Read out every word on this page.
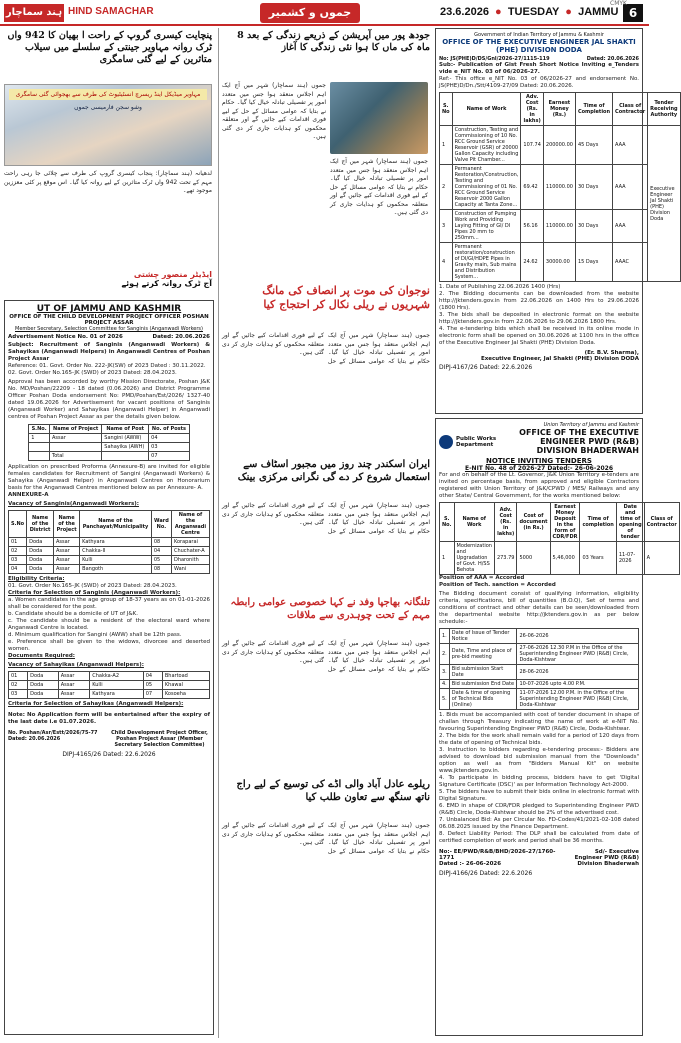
ہند سماچار HIND SAMACHAR	جموں و کشمیر	23.6.2026  ●  TUESDAY  ●  JAMMU 6
CMYK
پنچایت کیسری گروپ کے راحت ا بھیان کا 942 واں ٹرک روانہ مہاویر جینتی کے سلسلے میں سیلاب متاثرین کے لیے گئی سامگری
مہاویر میڈیکل اینڈ ریسرچ انسٹیٹیوٹ کی طرف سے بھجوائی گئی سامگری
وشو سجن فارمیسی جموں
لدھیانہ (ہند سماچار): پنجاب کیسری گروپ کی طرف سے چلائی جا رہی راحت مہم کے تحت 942 واں ٹرک متاثرین کے لیے روانہ کیا گیا۔ اس موقع پر کئی معززین موجود تھے۔
ایڈیٹر منصور چشتی
آج ٹرک روانہ کرتے ہوئے
UT OF JAMMU AND KASHMIR
OFFICE OF THE CHILD DEVELOPMENT PROJECT OFFICER POSHAN PROJECT ASSAR
Member Secretary, Selection Committee for Sanginis (Anganwadi Workers)
Advertisement Notice No. 01 of 2026	Dated: 20.06.2026
Subject: Recruitment of Sanginis (Anganwadi Workers) & Sahayikas (Anganwadi Helpers) in Anganwadi Centres of Poshan Project Assar
Reference: 01. Govt. Order No. 222-JK(SW) of 2023 Dated : 30.11.2022.
02. Govt. Order No.165-JK (SWD) of 2023 Dated: 28.04.2023.
Approval has been accorded by worthy Mission Directorate, Poshan J&K No. MD/Poshan/22209 - 18 dated (0.06.2026) and District Programme Officer Poshan Doda endorsement No: PMD/Poshan/Est/2026/ 1327-40 dated 19.06.2026 for Advertisement for vacant positions of Sanginis (Anganwadi Worker) and Sahayikas (Anganwadi Helper) in Anganwadi centres of Poshan Project Assar as per the details given below.
S.No.	Name of Project	Name of Post	No. of Posts
1	Assar	Sangini (AWW)	04
		Sahayika (AWH)	03
	Total		07
Application on prescribed Proforma (Annexure-B) are invited for eligible females candidates for Recruitment of Sangini (Anganwadi Workers) & Sahayika (Anganwadi Helper) in Anganwadi Centres on Honorarium basis for the Anganwadi Centres mentioned below as per Annexure- A.
ANNEXURE-A
Vacancy of Sanginis(Anganwadi Workers):
S.No	Name of the District	Name of the Project	Name of the Panchayat/Municipality	Ward No.	Name of the Anganwadi Centre
01	Doda	Assar	Kathyara	08	Koraparai
02	Doda	Assar	Chakka-II	04	Chuchater-A
03	Doda	Assar	Kulli	05	Dharonith
04	Doda	Assar	Bangoth	08	Wani
Eligibility Criteria:
01. Govt. Order No.165-JK (SWD) of 2023 Dated: 28.04.2023.
Criteria for Selection of Sanginis (Anganwadi Workers):
a. Women candidates in the age group of 18-37 years as on 01-01-2026 shall be considered for the post.
b. Candidate should be a domicile of UT of J&K.
c. The candidate should be a resident of the electoral ward where Anganwadi Centre is located.
d. Minimum qualification for Sangini (AWW) shall be 12th pass.
e. Preference shall be given to the widows, divorcee and deserted women.
Documents Required:
Vacancy of Sahayikas (Anganwadi Helpers):
01	Doda	Assar	Chakka-A2	04	Bhartoad
02	Doda	Assar	Kulli	05	Khawal
03	Doda	Assar	Kathyara	07	Kosoeha
Criteria for Selection of Sahayikas (Anganwadi Helpers):
Note: No Application form will be entertained after the expiry of the last date i.e 01.07.2026.
No. Poshan/Asr/Estt/2026/75-77
Dated: 20.06.2026
Child Development Project Officer, Poshan Project Assar (Member Secretary Selection Committee)
DIPJ-4165/26 Dated: 22.6.2026
جودھ پور میں آپریشن کے ذریعے زندگی کے بعد 8 ماہ کی ماں کا ہوا نئی زندگی کا آغاز
جموں (ہند سماچار) شہر میں آج ایک اہم اجلاس منعقد ہوا جس میں متعدد امور پر تفصیلی تبادلہ خیال کیا گیا۔ حکام نے بتایا کہ عوامی مسائل کے حل کے لیے فوری اقدامات کیے جائیں گے اور متعلقہ محکموں کو ہدایات جاری کر دی گئی ہیں۔
جموں (ہند سماچار) شہر میں آج ایک اہم اجلاس منعقد ہوا جس میں متعدد امور پر تفصیلی تبادلہ خیال کیا گیا۔ حکام نے بتایا کہ عوامی مسائل کے حل کے لیے فوری اقدامات کیے جائیں گے اور متعلقہ محکموں کو ہدایات جاری کر دی گئی ہیں۔
نوجوان کی موت پر انصاف کی مانگ شہریوں نے ریلی نکال کر احتجاج کیا
جموں (ہند سماچار) شہر میں آج ایک اہم اجلاس منعقد ہوا جس میں متعدد امور پر تفصیلی تبادلہ خیال کیا گیا۔ حکام نے بتایا کہ عوامی مسائل کے حل کے لیے فوری اقدامات کیے جائیں گے اور متعلقہ محکموں کو ہدایات جاری کر دی گئی ہیں۔
ایران اسکندر چند روز میں مجبور اسٹاف سے استعمال شروع کر دے گی نگرانی مرکزی بینک
جموں (ہند سماچار) شہر میں آج ایک اہم اجلاس منعقد ہوا جس میں متعدد امور پر تفصیلی تبادلہ خیال کیا گیا۔ حکام نے بتایا کہ عوامی مسائل کے حل کے لیے فوری اقدامات کیے جائیں گے اور متعلقہ محکموں کو ہدایات جاری کر دی گئی ہیں۔
تلنگانہ بھاجپا وفد نے کہا خصوصی عوامی رابطہ مہم کے تحت چوہدری سے ملاقات
جموں (ہند سماچار) شہر میں آج ایک اہم اجلاس منعقد ہوا جس میں متعدد امور پر تفصیلی تبادلہ خیال کیا گیا۔ حکام نے بتایا کہ عوامی مسائل کے حل کے لیے فوری اقدامات کیے جائیں گے اور متعلقہ محکموں کو ہدایات جاری کر دی گئی ہیں۔
ریلوے عادل آباد والی اڈے کی توسیع کے لیے راج ناتھ سنگھ سے تعاون طلب کیا
جموں (ہند سماچار) شہر میں آج ایک اہم اجلاس منعقد ہوا جس میں متعدد امور پر تفصیلی تبادلہ خیال کیا گیا۔ حکام نے بتایا کہ عوامی مسائل کے حل کے لیے فوری اقدامات کیے جائیں گے اور متعلقہ محکموں کو ہدایات جاری کر دی گئی ہیں۔
Government of Indian Territory of Jammu & Kashmir
OFFICE OF THE EXECUTIVE ENGINEER JAL SHAKTI (PHE) DIVISION DODA
No: JS(PHE)D/DS/Gnl/2026-27/1115-119	Dated: 20.06.2026
Sub:- Publication of Gist Fresh Short Notice Inviting e_Tenders vide e_NIT No. 03 of 06/2026-27.
Ref:- This office e_NIT No. 03 of 06/2026-27 and endorsement No. JS(PHE)D/Dn./Stt/4109-27/09 Dated: 20.06.2026.
S. No	Name of Work	Adv. Cost (Rs. in lakhs)	Earnest Money (Rs.)	Time of Completion	Class of Contractor	Tender Receiving Authority
1	Construction, Testing and Commissioning of 10 No. RCC Ground Service Reservoir (GSR) of 20000 Gallon Capacity including Valve Pit Chamber...	107.74	200000.00	45 Days	AAA	Executive Engineer Jal Shakti (PHE) Division Doda
2	Permanent Restoration/Construction, Testing and Commissioning of 01 No. RCC Ground Service Reservoir 2000 Gallon Capacity at Tanta Zone...	69.42	110000.00	30 Days	AAA	
3	Construction of Pumping Work and Providing Laying Fitting of GI/ DI Pipes 20 mm to 250mm...	56.16	110000.00	30 Days	AAA	
4	Permanent restoration/construction of DI/GI/HDPE Pipes in Gravity main, Sub mains and Distribution System...	24.62	30000.00	15 Days	AAAC	
1. Date of Publishing 22.06.2026 1400 (Hrs)
2. The Bidding documents can be downloaded from the website http://jktenders.gov.in from 22.06.2026 on 1400 Hrs to 29.06.2026 (1800 Hrs).
3. The bids shall be deposited in electronic format on the website http://jktenders.gov.in from 22.06.2026 to 29.06.2026 1800 Hrs.
4. The e-tendering bids which shall be received in its online mode in electronic form shall be opened on 30.06.2026 at 1100 hrs in the office of the Executive Engineer Jal Shakti (PHE) Division Doda.
(Er. B.V. Sharma),
Executive Engineer, Jal Shakti (PHE) Division DODA
DIPJ-4167/26 Dated: 22.6.2026
Union Territory of Jammu and Kashmir
Public Works Department
OFFICE OF THE EXECUTIVE ENGINEER PWD (R&B) DIVISION BHADERWAH
NOTICE INVITING TENDERS
E-NIT No. 48 of 2026-27 Dated:- 26-06-2026
For and on behalf of the Lt. Governor, J&K Union Territory e-tenders are invited on percentage basis, from approved and eligible Contractors registered with Union Territory of J&K/CPWD / MES/ Railways and any other State/ Central Government, for the works mentioned below:
S. No.	Name of Work	Adv. Cost (Rs. in lakhs)	Cost of document (in Rs.)	Earnest Money Deposit in the form of CDR/FDR	Time of completion	Date and time of opening of tender	Class of Contractor
1	Modernization and Upgradation of Govt. H/SS Behota	273.79	5000	5,46,000	03 Years	11-07-2026	A
Position of AAA = Accorded
Position of Tech. sanction = Accorded
The Bidding document consist of qualifying information, eligibility criteria, specifications, bill of quantities (B.O.Q), Set of terms and conditions of contract and other details can be seen/downloaded from the departmental website http://jktenders.gov.in as per below schedule:-
1.	Date of Issue of Tender Notice	26-06-2026
2.	Date, Time and place of pre-bid meeting	27-06-2026 12.30 P.M in the Office of the Superintending Engineer PWD (R&B) Circle, Doda-Kishtwar
3.	Bid submission Start Date	28-06-2026
4.	Bid submission End Date	10-07-2026 upto 4.00 P.M.
5.	Date & time of opening of Technical Bids (Online)	11-07-2026 12.00 P.M. in the Office of the Superintending Engineer PWD (R&B) Circle, Doda-Kishtwar
1. Bids must be accompanied with cost of tender document in shape of challan through Treasury indicating the name of work at e-NIT No. favouring Superintending Engineer PWD (R&B) Circle, Doda-Kishtwar.
2. The bids for the work shall remain valid for a period of 120 days from the date of opening of Technical bids.
3. Instruction to bidders regarding e-tendering process:- Bidders are advised to download bid submission manual from the "Downloads" option as well as from "Bidders Manual Kit" on website www.jktenders.gov.in.
4. To participate in bidding process, bidders have to get 'Digital Signature Certificate (DSC)' as per Information Technology Act-2000.
5. The bidders have to submit their bids online in electronic format with Digital Signature.
6. EMD in shape of CDR/FDR pledged to Superintending Engineer PWD (R&B) Circle, Doda-Kishtwar should be 2% of the advertised cost.
7. Unbalanced Bid: As per Circular No. FD-Codes/41/2021-02-108 dated 06.08.2025 issued by the Finance Department.
8. Defect Liability Period: The DLP shall be calculated from date of certified completion of work and period shall be 36 months.
No:- EE/PWD/R&B/BHD/2026-27/1760-1771
Dated :- 26-06-2026
Sd/- Executive Engineer PWD (R&B) Division Bhaderwah
DIPJ-4166/26 Dated: 22.6.2026
